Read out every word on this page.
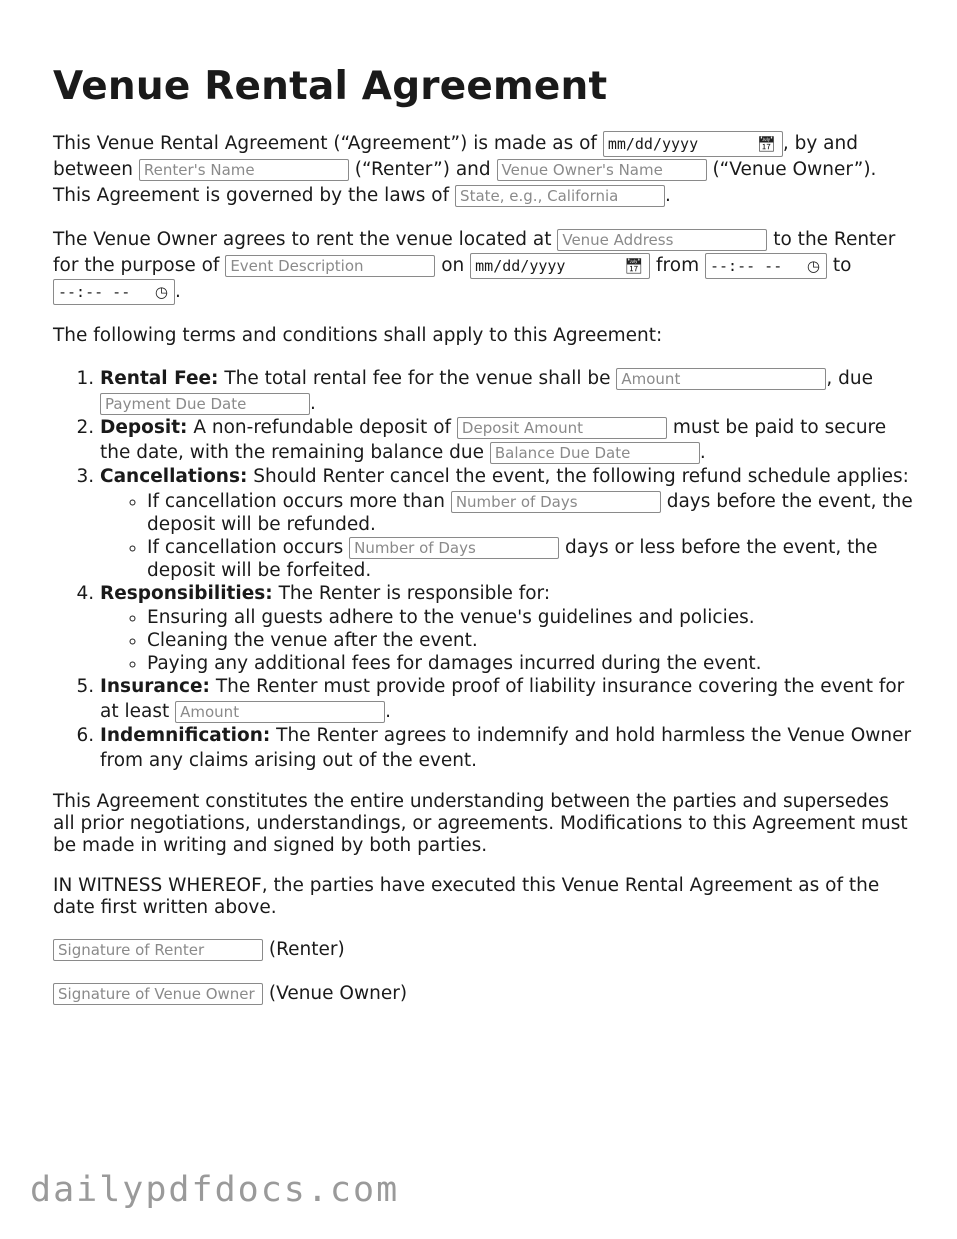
Venue Rental Agreement

This Venue Rental Agreement (“Agreement”) is made as of mm/dd/yyyy	📅︎ , by and between Renter's Name	(“Renter”) and Venue Owner's Name	(“Venue Owner”). This Agreement is governed by the laws of State, e.g., California	.

The Venue Owner agrees to rent the venue located at Venue Address	to the Renter for the purpose of Event Description	on mm/dd/yyyy	📅︎ from --:-- -- ◷ to
--:-- -- ◷ .

The following terms and conditions shall apply to this Agreement:

1. Rental Fee: The total rental fee for the venue shall be Amount	, due Payment Due Date	.
2. Deposit: A non-refundable deposit of Deposit Amount	must be paid to secure the date, with the remaining balance due Balance Due Date	.
3. Cancellations: Should Renter cancel the event, the following refund schedule applies:
◦ If cancellation occurs more than Number of Days	days before the event, the deposit will be refunded.
◦ If cancellation occurs Number of Days	days or less before the event, the deposit will be forfeited.
4. Responsibilities: The Renter is responsible for:
◦ Ensuring all guests adhere to the venue's guidelines and policies.
◦ Cleaning the venue after the event.
◦ Paying any additional fees for damages incurred during the event.
5. Insurance: The Renter must provide proof of liability insurance covering the event for at least Amount	.
6. Indemnification: The Renter agrees to indemnify and hold harmless the Venue Owner from any claims arising out of the event.

This Agreement constitutes the entire understanding between the parties and supersedes all prior negotiations, understandings, or agreements. Modifications to this Agreement must be made in writing and signed by both parties.

IN WITNESS WHEREOF, the parties have executed this Venue Rental Agreement as of the date first written above.

Signature of Renter	(Renter)
Signature of Venue Owner (Venue Owner)
dailypdfdocs.com
